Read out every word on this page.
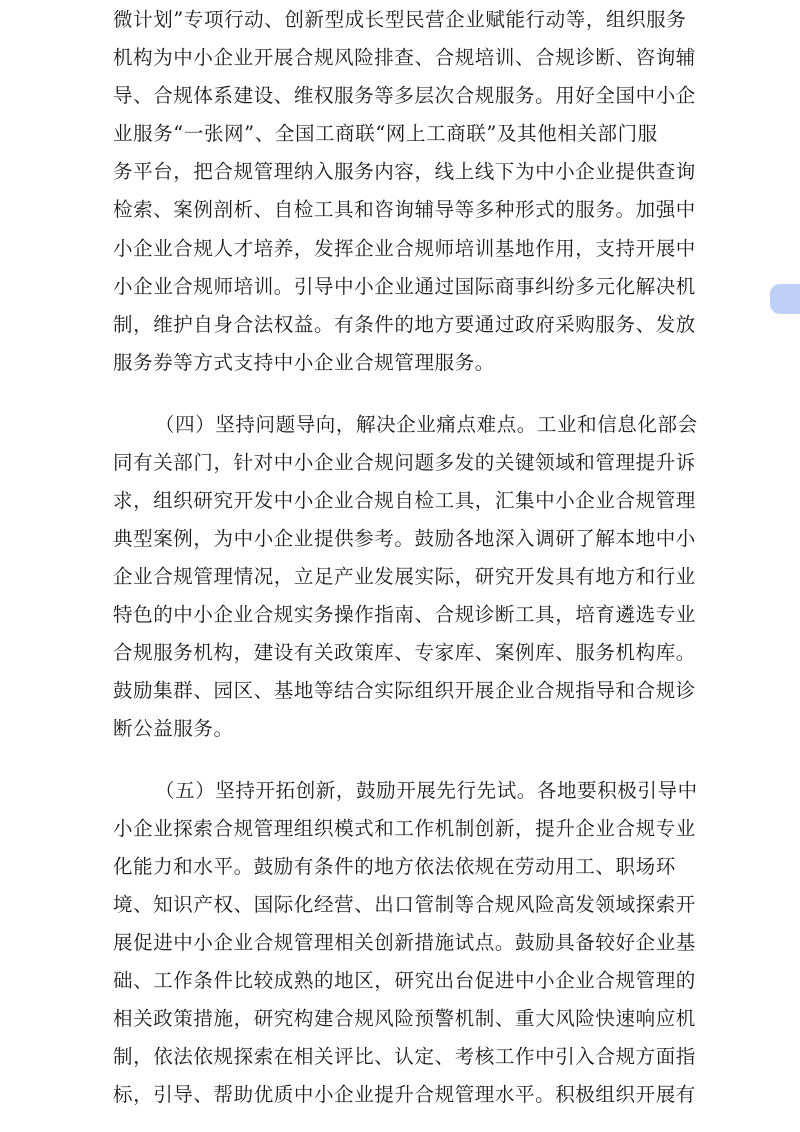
微计划”专项行动、创新型成长型民营企业赋能行动等，组织服务
机构为中小企业开展合规风险排查、合规培训、合规诊断、咨询辅
导、合规体系建设、维权服务等多层次合规服务。用好全国中小企
业服务“一张网”、全国工商联“网上工商联”及其他相关部门服
务平台，把合规管理纳入服务内容，线上线下为中小企业提供查询
检索、案例剖析、自检工具和咨询辅导等多种形式的服务。加强中
小企业合规人才培养，发挥企业合规师培训基地作用，支持开展中
小企业合规师培训。引导中小企业通过国际商事纠纷多元化解决机
制，维护自身合法权益。有条件的地方要通过政府采购服务、发放
服务券等方式支持中小企业合规管理服务。
（四）坚持问题导向，解决企业痛点难点。工业和信息化部会
同有关部门，针对中小企业合规问题多发的关键领域和管理提升诉
求，组织研究开发中小企业合规自检工具，汇集中小企业合规管理
典型案例，为中小企业提供参考。鼓励各地深入调研了解本地中小
企业合规管理情况，立足产业发展实际，研究开发具有地方和行业
特色的中小企业合规实务操作指南、合规诊断工具，培育遴选专业
合规服务机构，建设有关政策库、专家库、案例库、服务机构库。
鼓励集群、园区、基地等结合实际组织开展企业合规指导和合规诊
断公益服务。
（五）坚持开拓创新，鼓励开展先行先试。各地要积极引导中
小企业探索合规管理组织模式和工作机制创新，提升企业合规专业
化能力和水平。鼓励有条件的地方依法依规在劳动用工、职场环
境、知识产权、国际化经营、出口管制等合规风险高发领域探索开
展促进中小企业合规管理相关创新措施试点。鼓励具备较好企业基
础、工作条件比较成熟的地区，研究出台促进中小企业合规管理的
相关政策措施，研究构建合规风险预警机制、重大风险快速响应机
制，依法依规探索在相关评比、认定、考核工作中引入合规方面指
标，引导、帮助优质中小企业提升合规管理水平。积极组织开展有
